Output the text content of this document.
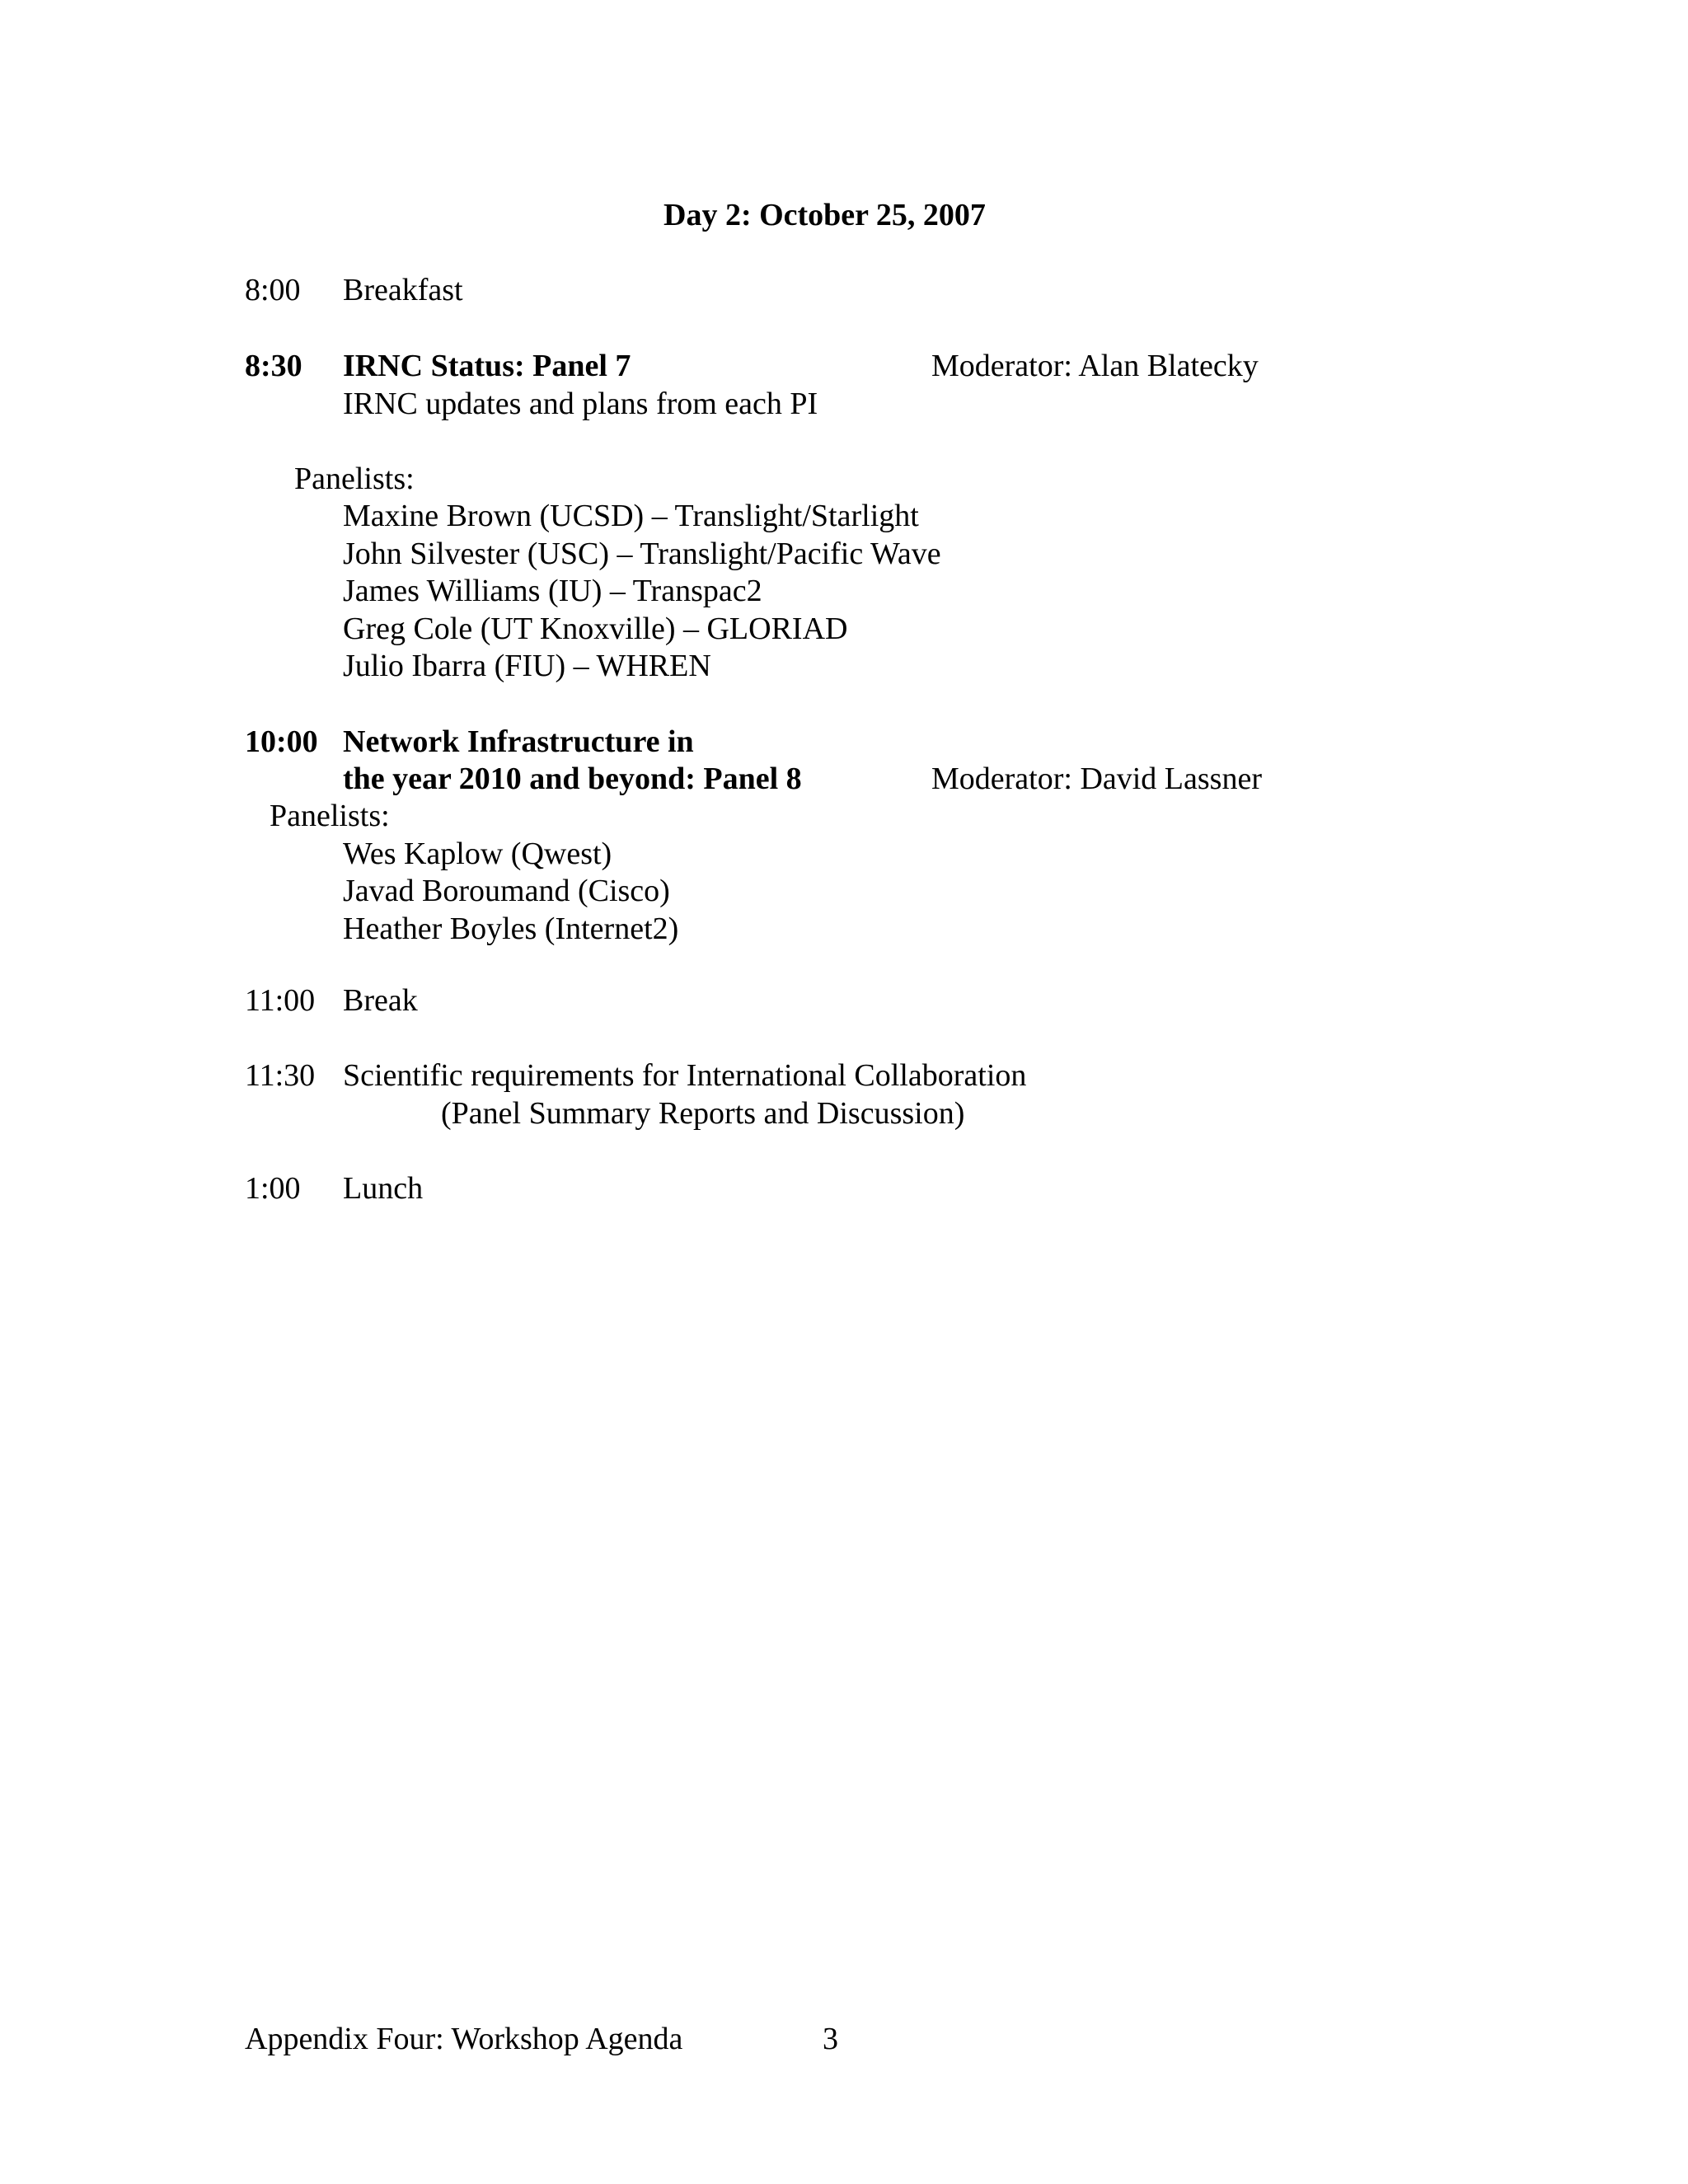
Day 2: October 25, 2007
8:00 Breakfast
8:30 IRNC Status: Panel 7	Moderator: Alan Blatecky
IRNC updates and plans from each PI
Panelists:
Maxine Brown (UCSD) – Translight/Starlight
John Silvester (USC) – Translight/Pacific Wave
James Williams (IU) – Transpac2
Greg Cole (UT Knoxville) – GLORIAD
Julio Ibarra (FIU) – WHREN
10:00 Network Infrastructure in
the year 2010 and beyond: Panel 8	Moderator: David Lassner
Panelists:
Wes Kaplow (Qwest)
Javad Boroumand (Cisco)
Heather Boyles (Internet2)
11:00 Break
11:30 Scientific requirements for International Collaboration
(Panel Summary Reports and Discussion)
1:00 Lunch
Appendix Four: Workshop Agenda	3
